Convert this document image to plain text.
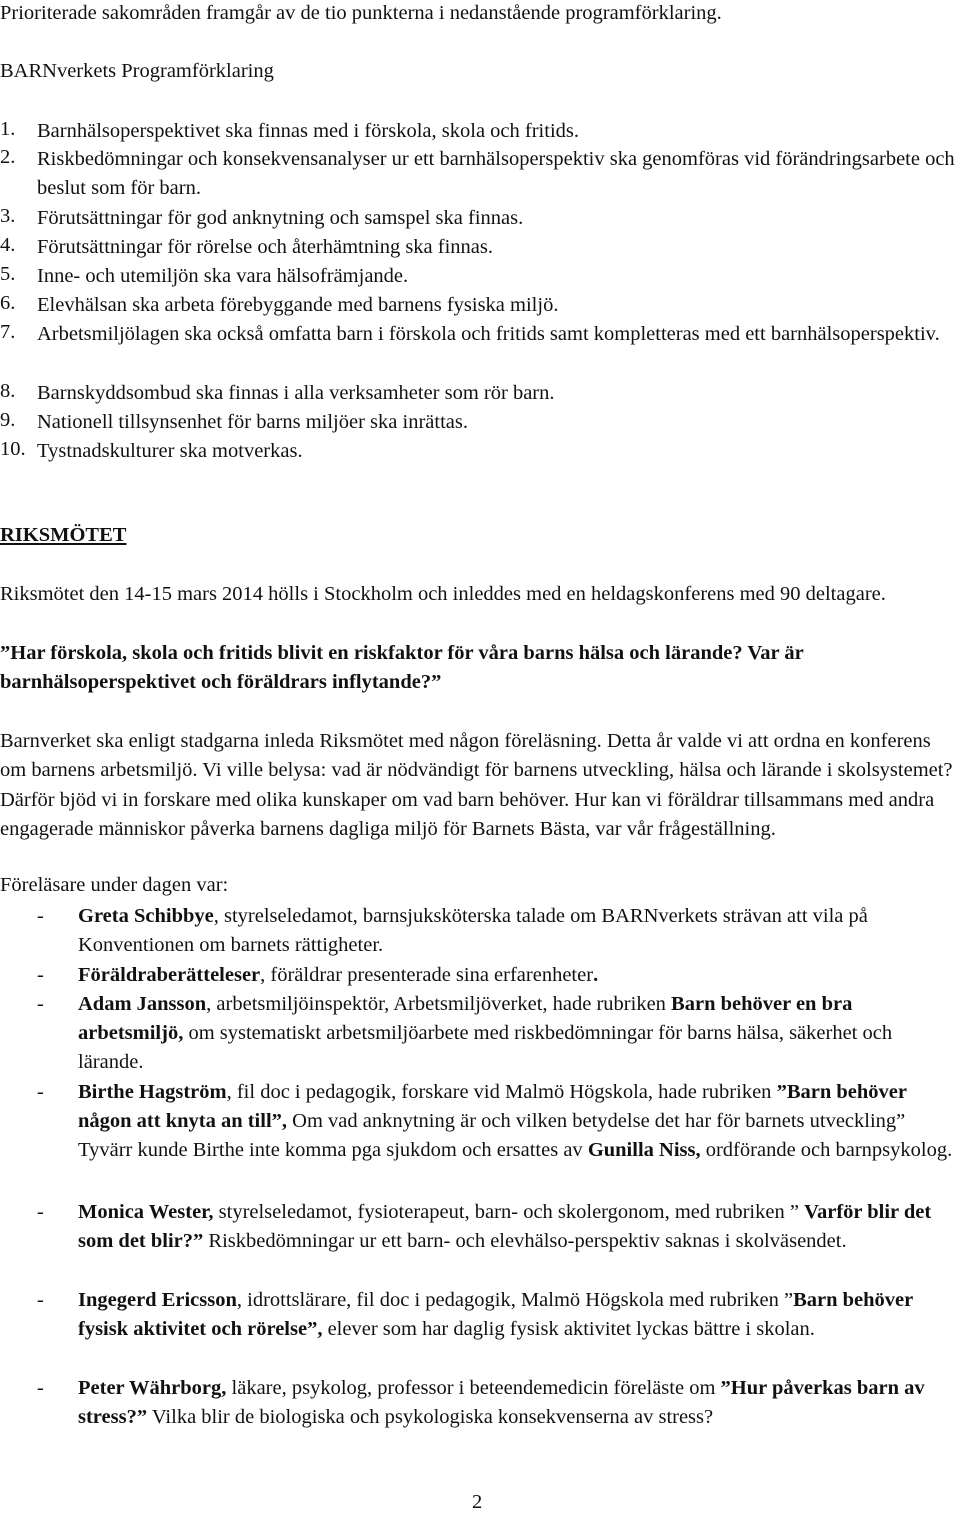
Prioriterade sakområden framgår av de tio punkterna i nedanstående programförklaring.
BARNverkets Programförklaring
1. Barnhälsoperspektivet ska finnas med i förskola, skola och fritids.
2. Riskbedömningar och konsekvensanalyser ur ett barnhälsoperspektiv ska genomföras vid förändringsarbete och beslut som för barn.
3. Förutsättningar för god anknytning och samspel ska finnas.
4. Förutsättningar för rörelse och återhämtning ska finnas.
5. Inne- och utemiljön ska vara hälsofrämjande.
6. Elevhälsan ska arbeta förebyggande med barnens fysiska miljö.
7. Arbetsmiljölagen ska också omfatta barn i förskola och fritids samt kompletteras med ett barnhälsoperspektiv.
8. Barnskyddsombud ska finnas i alla verksamheter som rör barn.
9. Nationell tillsynsenhet för barns miljöer ska inrättas.
10. Tystnadskulturer ska motverkas.
RIKSMÖTET
Riksmötet den 14-15 mars 2014 hölls i Stockholm och inleddes med en heldagskonferens med 90 deltagare.
”Har förskola, skola och fritids blivit en riskfaktor för våra barns hälsa och lärande? Var är barnhälsoperspektivet och föräldrars inflytande?”
Barnverket ska enligt stadgarna inleda Riksmötet med någon föreläsning. Detta år valde vi att ordna en konferens om barnens arbetsmiljö. Vi ville belysa: vad är nödvändigt för barnens utveckling, hälsa och lärande i skolsystemet? Därför bjöd vi in forskare med olika kunskaper om vad barn behöver. Hur kan vi föräldrar tillsammans med andra engagerade människor påverka barnens dagliga miljö för Barnets Bästa, var vår frågeställning.
Föreläsare under dagen var:
- Greta Schibbye, styrelseledamot, barnsjuksköterska talade om BARNverkets strävan att vila på Konventionen om barnets rättigheter.
- Föräldraberätteleser, föräldrar presenterade sina erfarenheter.
- Adam Jansson, arbetsmiljöinspektör, Arbetsmiljöverket, hade rubriken Barn behöver en bra arbetsmiljö, om systematiskt arbetsmiljöarbete med riskbedömningar för barns hälsa, säkerhet och lärande.
- Birthe Hagström, fil doc i pedagogik, forskare vid Malmö Högskola, hade rubriken ”Barn behöver någon att knyta an till”, Om vad anknytning är och vilken betydelse det har för barnets utveckling” Tyvärr kunde Birthe inte komma pga sjukdom och ersattes av Gunilla Niss, ordförande och barnpsykolog.
- Monica Wester, styrelseledamot, fysioterapeut, barn- och skolergonom, med rubriken ” Varför blir det som det blir?” Riskbedömningar ur ett barn- och elevhälso-perspektiv saknas i skolväsendet.
- Ingegerd Ericsson, idrottslärare, fil doc i pedagogik, Malmö Högskola med rubriken ”Barn behöver fysisk aktivitet och rörelse”, elever som har daglig fysisk aktivitet lyckas bättre i skolan.
- Peter Währborg, läkare, psykolog, professor i beteendemedicin föreläste om ”Hur påverkas barn av stress?” Vilka blir de biologiska och psykologiska konsekvenserna av stress?
2
